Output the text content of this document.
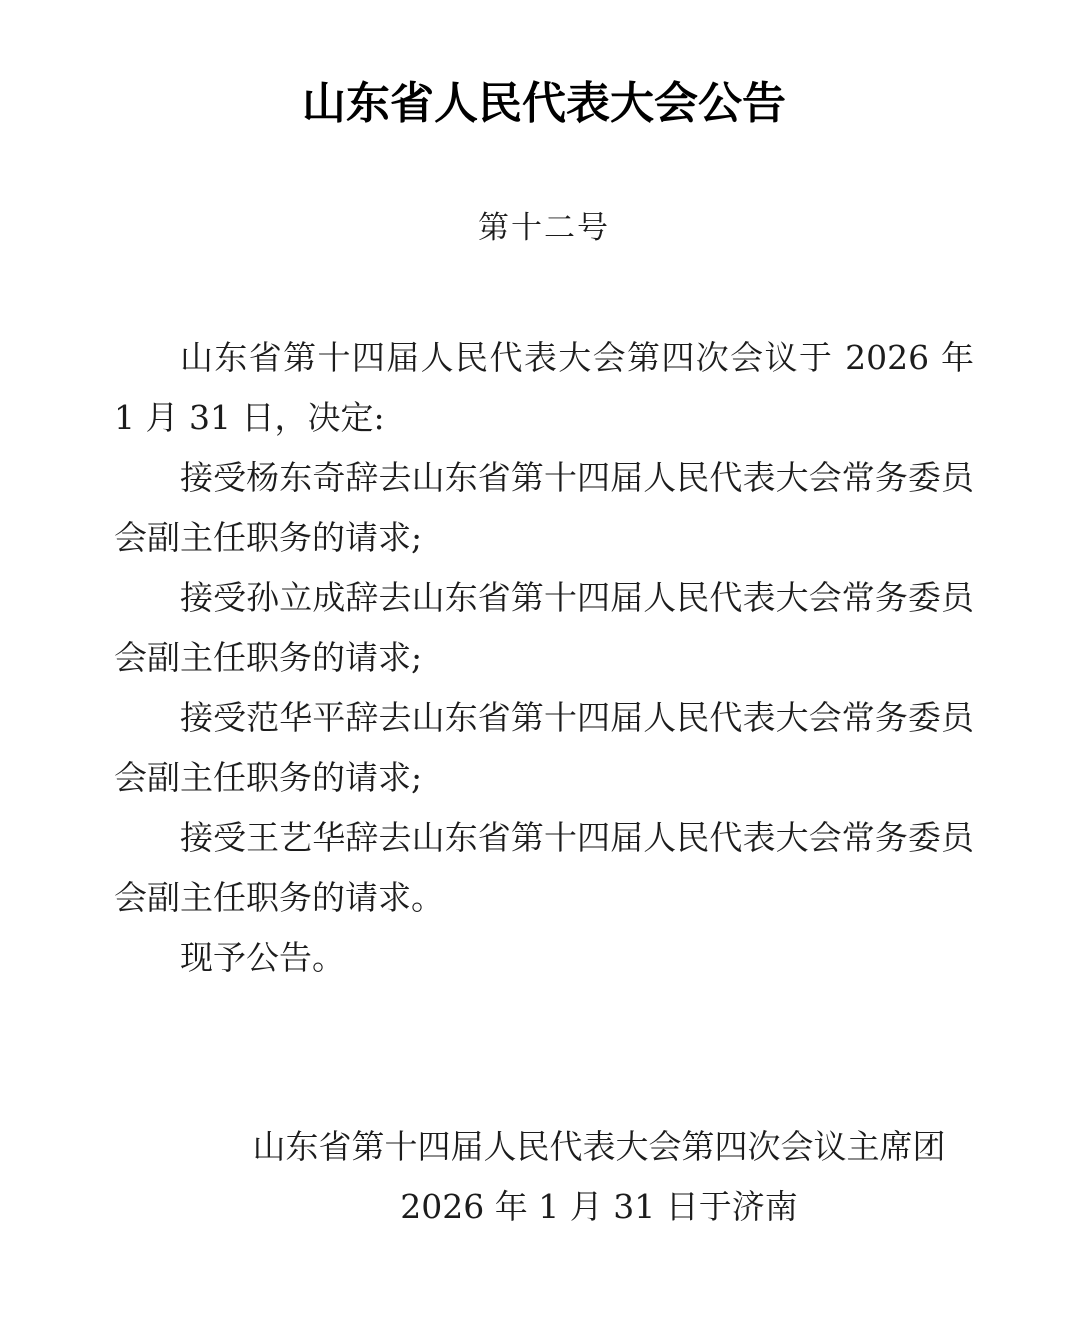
山东省人民代表大会公告
第十二号

山东省第十四届人民代表大会第四次会议于 2026 年 1 月 31 日，决定:

接受杨东奇辞去山东省第十四届人民代表大会常务委员会副主任职务的请求;

接受孙立成辞去山东省第十四届人民代表大会常务委员会副主任职务的请求;

接受范华平辞去山东省第十四届人民代表大会常务委员会副主任职务的请求;

接受王艺华辞去山东省第十四届人民代表大会常务委员会副主任职务的请求。

现予公告。

山东省第十四届人民代表大会第四次会议主席团

2026 年 1 月 31 日于济南
